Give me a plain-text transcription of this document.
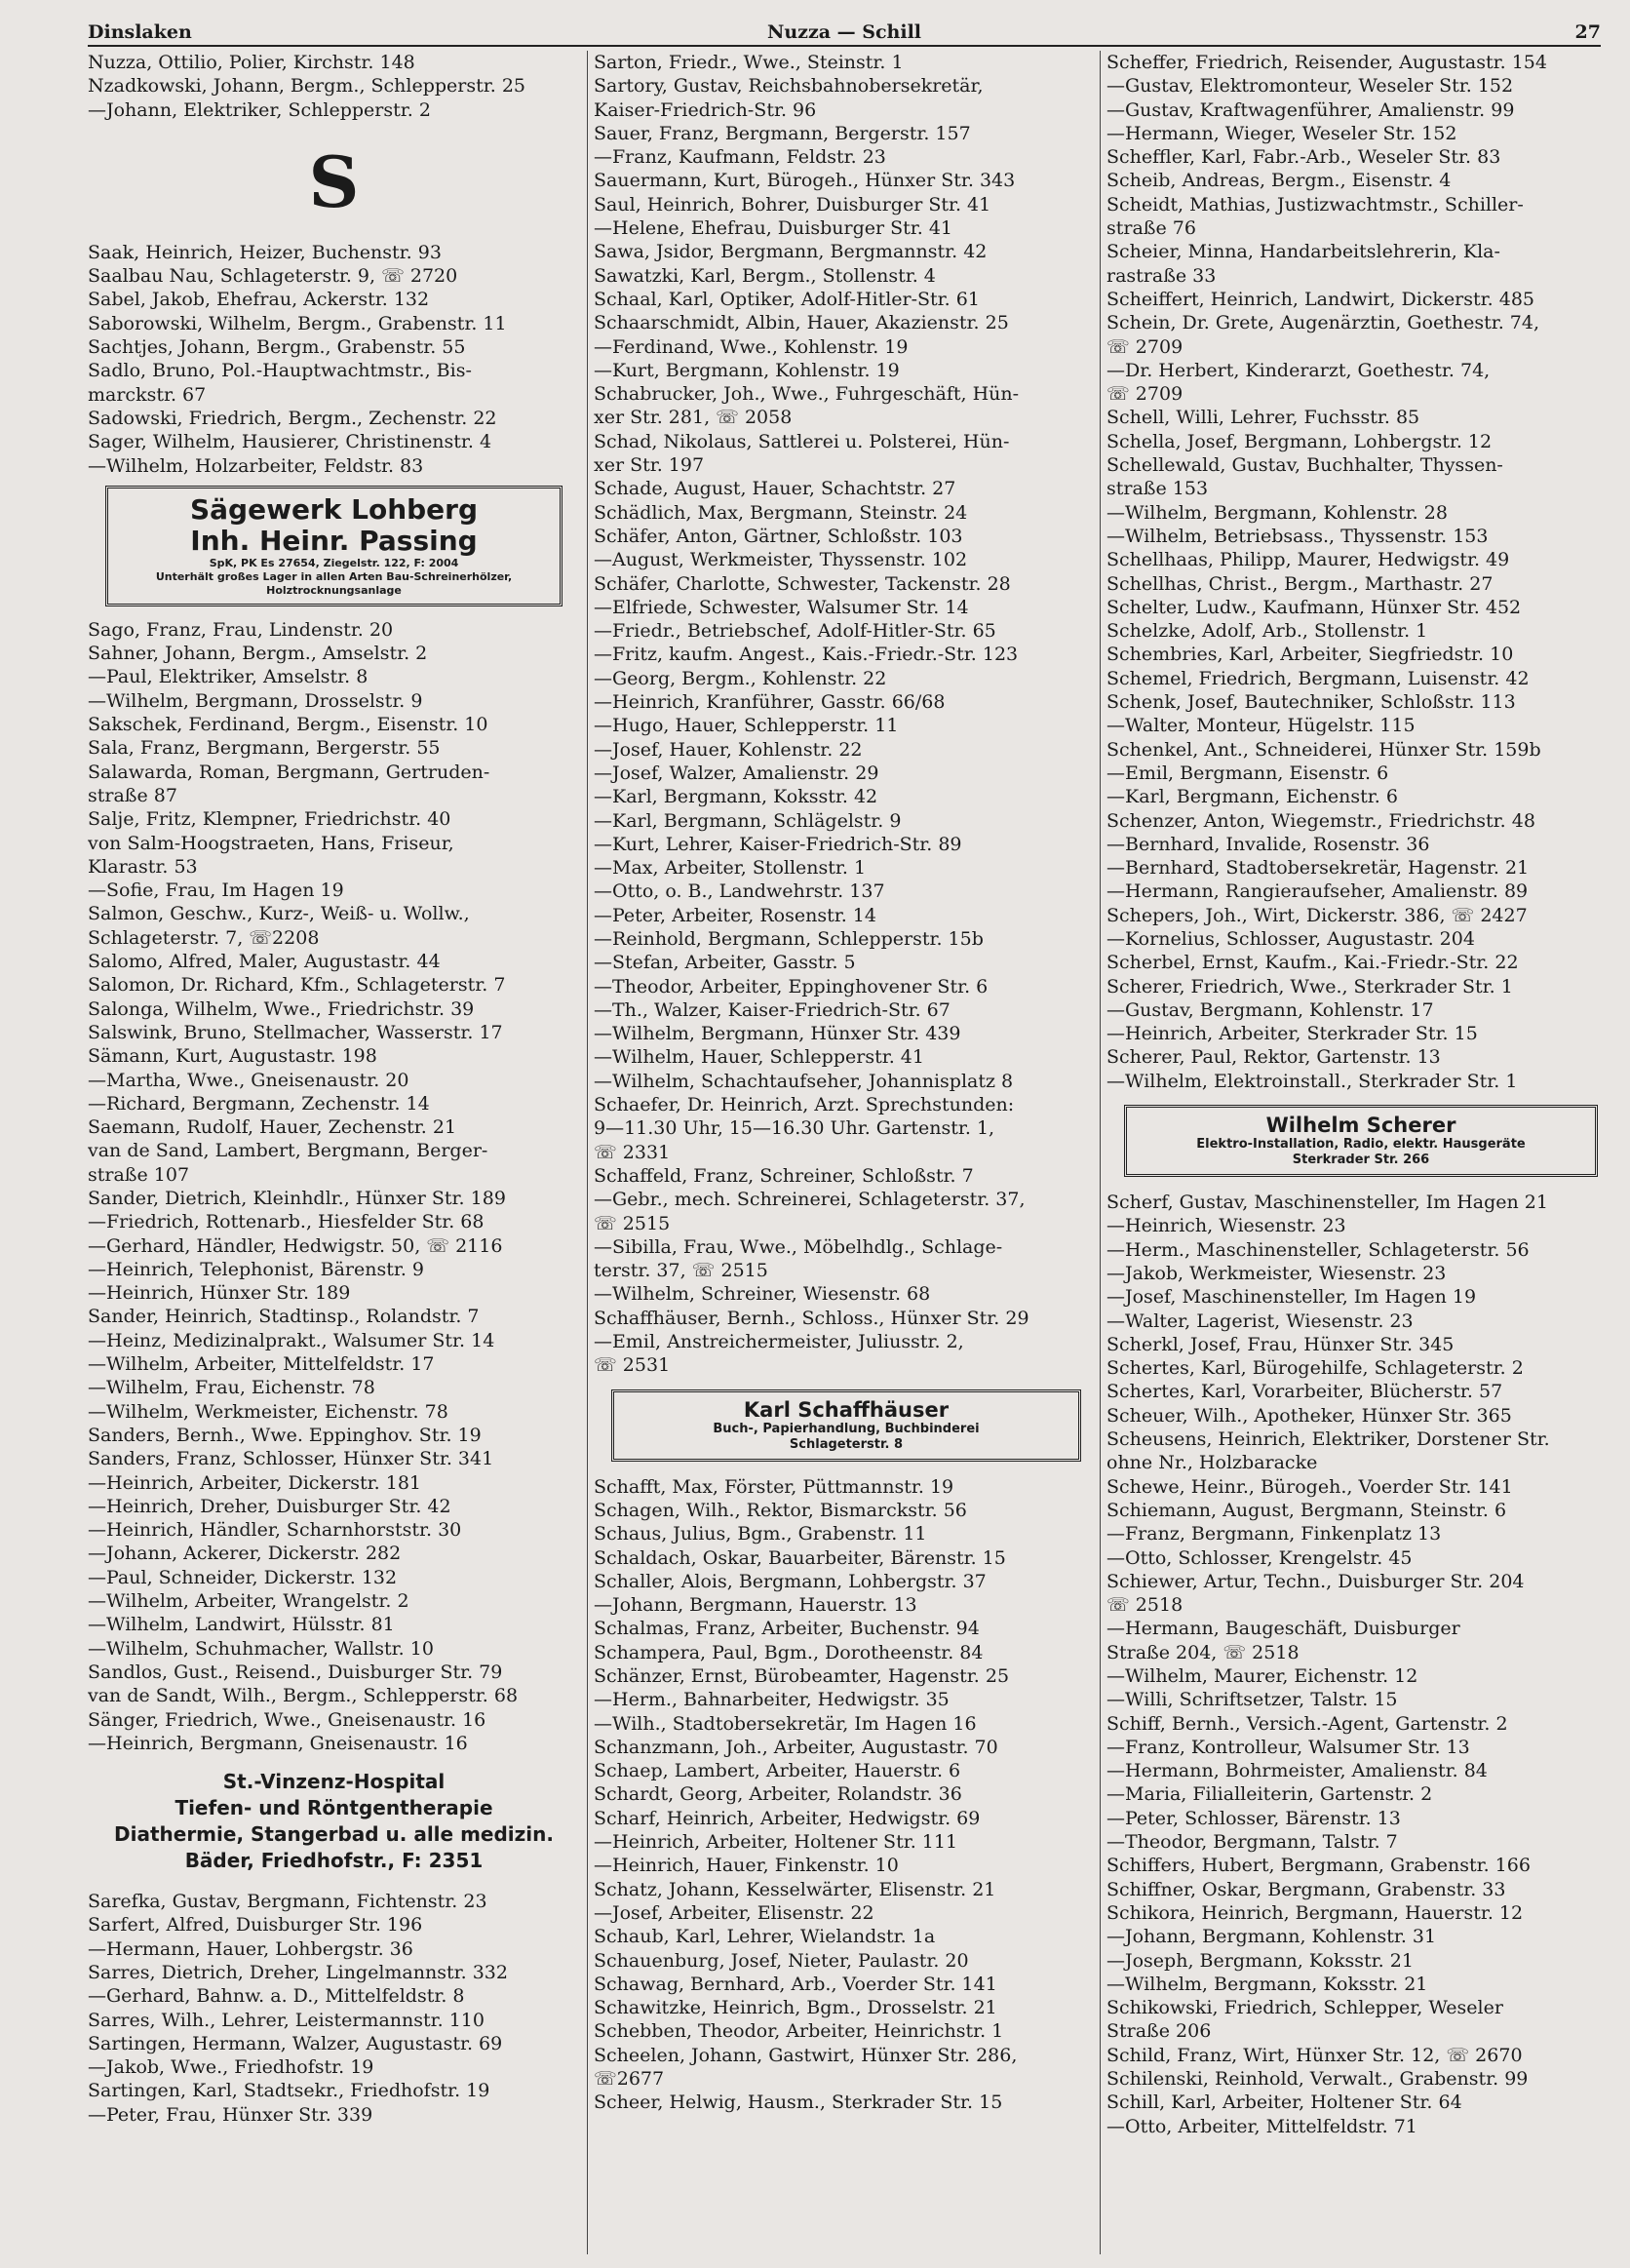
Dinslaken	Nuzza — Schill	27
Nuzza, Ottilio, Polier, Kirchstr. 148
Nzadkowski, Johann, Bergm., Schlepperstr. 25
—Johann, Elektriker, Schlepperstr. 2
S
Saak, Heinrich, Heizer, Buchenstr. 93
Saalbau Nau, Schlageterstr. 9, ☏ 2720
Sabel, Jakob, Ehefrau, Ackerstr. 132
Saborowski, Wilhelm, Bergm., Grabenstr. 11
Sachtjes, Johann, Bergm., Grabenstr. 55
Sadlo, Bruno, Pol.-Hauptwachtmstr., Bis-
marckstr. 67
Sadowski, Friedrich, Bergm., Zechenstr. 22
Sager, Wilhelm, Hausierer, Christinenstr. 4
—Wilhelm, Holzarbeiter, Feldstr. 83
Sägewerk Lohberg
Inh. Heinr. Passing
SpK, PK Es 27654, Ziegelstr. 122, F: 2004
Unterhält großes Lager in allen Arten Bau-Schreinerhölzer,
Holztrocknungsanlage
Sago, Franz, Frau, Lindenstr. 20
Sahner, Johann, Bergm., Amselstr. 2
—Paul, Elektriker, Amselstr. 8
—Wilhelm, Bergmann, Drosselstr. 9
Sakschek, Ferdinand, Bergm., Eisenstr. 10
Sala, Franz, Bergmann, Bergerstr. 55
Salawarda, Roman, Bergmann, Gertruden-
straße 87
Salje, Fritz, Klempner, Friedrichstr. 40
von Salm-Hoogstraeten, Hans, Friseur,
Klarastr. 53
—Sofie, Frau, Im Hagen 19
Salmon, Geschw., Kurz-, Weiß- u. Wollw.,
Schlageterstr. 7, ☏2208
Salomo, Alfred, Maler, Augustastr. 44
Salomon, Dr. Richard, Kfm., Schlageterstr. 7
Salonga, Wilhelm, Wwe., Friedrichstr. 39
Salswink, Bruno, Stellmacher, Wasserstr. 17
Sämann, Kurt, Augustastr. 198
—Martha, Wwe., Gneisenaustr. 20
—Richard, Bergmann, Zechenstr. 14
Saemann, Rudolf, Hauer, Zechenstr. 21
van de Sand, Lambert, Bergmann, Berger-
straße 107
Sander, Dietrich, Kleinhdlr., Hünxer Str. 189
—Friedrich, Rottenarb., Hiesfelder Str. 68
—Gerhard, Händler, Hedwigstr. 50, ☏ 2116
—Heinrich, Telephonist, Bärenstr. 9
—Heinrich, Hünxer Str. 189
Sander, Heinrich, Stadtinsp., Rolandstr. 7
—Heinz, Medizinalprakt., Walsumer Str. 14
—Wilhelm, Arbeiter, Mittelfeldstr. 17
—Wilhelm, Frau, Eichenstr. 78
—Wilhelm, Werkmeister, Eichenstr. 78
Sanders, Bernh., Wwe. Eppinghov. Str. 19
Sanders, Franz, Schlosser, Hünxer Str. 341
—Heinrich, Arbeiter, Dickerstr. 181
—Heinrich, Dreher, Duisburger Str. 42
—Heinrich, Händler, Scharnhorststr. 30
—Johann, Ackerer, Dickerstr. 282
—Paul, Schneider, Dickerstr. 132
—Wilhelm, Arbeiter, Wrangelstr. 2
—Wilhelm, Landwirt, Hülsstr. 81
—Wilhelm, Schuhmacher, Wallstr. 10
Sandlos, Gust., Reisend., Duisburger Str. 79
van de Sandt, Wilh., Bergm., Schlepperstr. 68
Sänger, Friedrich, Wwe., Gneisenaustr. 16
—Heinrich, Bergmann, Gneisenaustr. 16
St.-Vinzenz-Hospital
Tiefen- und Röntgentherapie
Diathermie, Stangerbad u. alle medizin.
Bäder, Friedhofstr., F: 2351
Sarefka, Gustav, Bergmann, Fichtenstr. 23
Sarfert, Alfred, Duisburger Str. 196
—Hermann, Hauer, Lohbergstr. 36
Sarres, Dietrich, Dreher, Lingelmannstr. 332
—Gerhard, Bahnw. a. D., Mittelfeldstr. 8
Sarres, Wilh., Lehrer, Leistermannstr. 110
Sartingen, Hermann, Walzer, Augustastr. 69
—Jakob, Wwe., Friedhofstr. 19
Sartingen, Karl, Stadtsekr., Friedhofstr. 19
—Peter, Frau, Hünxer Str. 339
Sarton, Friedr., Wwe., Steinstr. 1
Sartory, Gustav, Reichsbahnobersekretär,
Kaiser-Friedrich-Str. 96
Sauer, Franz, Bergmann, Bergerstr. 157
—Franz, Kaufmann, Feldstr. 23
Sauermann, Kurt, Bürogeh., Hünxer Str. 343
Saul, Heinrich, Bohrer, Duisburger Str. 41
—Helene, Ehefrau, Duisburger Str. 41
Sawa, Jsidor, Bergmann, Bergmannstr. 42
Sawatzki, Karl, Bergm., Stollenstr. 4
Schaal, Karl, Optiker, Adolf-Hitler-Str. 61
Schaarschmidt, Albin, Hauer, Akazienstr. 25
—Ferdinand, Wwe., Kohlenstr. 19
—Kurt, Bergmann, Kohlenstr. 19
Schabrucker, Joh., Wwe., Fuhrgeschäft, Hün-
xer Str. 281, ☏ 2058
Schad, Nikolaus, Sattlerei u. Polsterei, Hün-
xer Str. 197
Schade, August, Hauer, Schachtstr. 27
Schädlich, Max, Bergmann, Steinstr. 24
Schäfer, Anton, Gärtner, Schloßstr. 103
—August, Werkmeister, Thyssenstr. 102
Schäfer, Charlotte, Schwester, Tackenstr. 28
—Elfriede, Schwester, Walsumer Str. 14
—Friedr., Betriebschef, Adolf-Hitler-Str. 65
—Fritz, kaufm. Angest., Kais.-Friedr.-Str. 123
—Georg, Bergm., Kohlenstr. 22
—Heinrich, Kranführer, Gasstr. 66/68
—Hugo, Hauer, Schlepperstr. 11
—Josef, Hauer, Kohlenstr. 22
—Josef, Walzer, Amalienstr. 29
—Karl, Bergmann, Koksstr. 42
—Karl, Bergmann, Schlägelstr. 9
—Kurt, Lehrer, Kaiser-Friedrich-Str. 89
—Max, Arbeiter, Stollenstr. 1
—Otto, o. B., Landwehrstr. 137
—Peter, Arbeiter, Rosenstr. 14
—Reinhold, Bergmann, Schlepperstr. 15b
—Stefan, Arbeiter, Gasstr. 5
—Theodor, Arbeiter, Eppinghovener Str. 6
—Th., Walzer, Kaiser-Friedrich-Str. 67
—Wilhelm, Bergmann, Hünxer Str. 439
—Wilhelm, Hauer, Schlepperstr. 41
—Wilhelm, Schachtaufseher, Johannisplatz 8
Schaefer, Dr. Heinrich, Arzt. Sprechstunden:
9—11.30 Uhr, 15—16.30 Uhr. Gartenstr. 1,
☏ 2331
Schaffeld, Franz, Schreiner, Schloßstr. 7
—Gebr., mech. Schreinerei, Schlageterstr. 37,
☏ 2515
—Sibilla, Frau, Wwe., Möbelhdlg., Schlage-
terstr. 37, ☏ 2515
—Wilhelm, Schreiner, Wiesenstr. 68
Schaffhäuser, Bernh., Schloss., Hünxer Str. 29
—Emil, Anstreichermeister, Juliusstr. 2,
☏ 2531
Karl Schaffhäuser
Buch-, Papierhandlung, Buchbinderei
Schlageterstr. 8
Schafft, Max, Förster, Püttmannstr. 19
Schagen, Wilh., Rektor, Bismarckstr. 56
Schaus, Julius, Bgm., Grabenstr. 11
Schaldach, Oskar, Bauarbeiter, Bärenstr. 15
Schaller, Alois, Bergmann, Lohbergstr. 37
—Johann, Bergmann, Hauerstr. 13
Schalmas, Franz, Arbeiter, Buchenstr. 94
Schampera, Paul, Bgm., Dorotheenstr. 84
Schänzer, Ernst, Bürobeamter, Hagenstr. 25
—Herm., Bahnarbeiter, Hedwigstr. 35
—Wilh., Stadtobersekretär, Im Hagen 16
Schanzmann, Joh., Arbeiter, Augustastr. 70
Schaep, Lambert, Arbeiter, Hauerstr. 6
Schardt, Georg, Arbeiter, Rolandstr. 36
Scharf, Heinrich, Arbeiter, Hedwigstr. 69
—Heinrich, Arbeiter, Holtener Str. 111
—Heinrich, Hauer, Finkenstr. 10
Schatz, Johann, Kesselwärter, Elisenstr. 21
—Josef, Arbeiter, Elisenstr. 22
Schaub, Karl, Lehrer, Wielandstr. 1a
Schauenburg, Josef, Nieter, Paulastr. 20
Schawag, Bernhard, Arb., Voerder Str. 141
Schawitzke, Heinrich, Bgm., Drosselstr. 21
Schebben, Theodor, Arbeiter, Heinrichstr. 1
Scheelen, Johann, Gastwirt, Hünxer Str. 286,
☏2677
Scheer, Helwig, Hausm., Sterkrader Str. 15
Scheffer, Friedrich, Reisender, Augustastr. 154
—Gustav, Elektromonteur, Weseler Str. 152
—Gustav, Kraftwagenführer, Amalienstr. 99
—Hermann, Wieger, Weseler Str. 152
Scheffler, Karl, Fabr.-Arb., Weseler Str. 83
Scheib, Andreas, Bergm., Eisenstr. 4
Scheidt, Mathias, Justizwachtmstr., Schiller-
straße 76
Scheier, Minna, Handarbeitslehrerin, Kla-
rastraße 33
Scheiffert, Heinrich, Landwirt, Dickerstr. 485
Schein, Dr. Grete, Augenärztin, Goethestr. 74,
☏ 2709
—Dr. Herbert, Kinderarzt, Goethestr. 74,
☏ 2709
Schell, Willi, Lehrer, Fuchsstr. 85
Schella, Josef, Bergmann, Lohbergstr. 12
Schellewald, Gustav, Buchhalter, Thyssen-
straße 153
—Wilhelm, Bergmann, Kohlenstr. 28
—Wilhelm, Betriebsass., Thyssenstr. 153
Schellhaas, Philipp, Maurer, Hedwigstr. 49
Schellhas, Christ., Bergm., Marthastr. 27
Schelter, Ludw., Kaufmann, Hünxer Str. 452
Schelzke, Adolf, Arb., Stollenstr. 1
Schembries, Karl, Arbeiter, Siegfriedstr. 10
Schemel, Friedrich, Bergmann, Luisenstr. 42
Schenk, Josef, Bautechniker, Schloßstr. 113
—Walter, Monteur, Hügelstr. 115
Schenkel, Ant., Schneiderei, Hünxer Str. 159b
—Emil, Bergmann, Eisenstr. 6
—Karl, Bergmann, Eichenstr. 6
Schenzer, Anton, Wiegemstr., Friedrichstr. 48
—Bernhard, Invalide, Rosenstr. 36
—Bernhard, Stadtobersekretär, Hagenstr. 21
—Hermann, Rangieraufseher, Amalienstr. 89
Schepers, Joh., Wirt, Dickerstr. 386, ☏ 2427
—Kornelius, Schlosser, Augustastr. 204
Scherbel, Ernst, Kaufm., Kai.-Friedr.-Str. 22
Scherer, Friedrich, Wwe., Sterkrader Str. 1
—Gustav, Bergmann, Kohlenstr. 17
—Heinrich, Arbeiter, Sterkrader Str. 15
Scherer, Paul, Rektor, Gartenstr. 13
—Wilhelm, Elektroinstall., Sterkrader Str. 1
Wilhelm Scherer
Elektro-Installation, Radio, elektr. Hausgeräte
Sterkrader Str. 266
Scherf, Gustav, Maschinensteller, Im Hagen 21
—Heinrich, Wiesenstr. 23
—Herm., Maschinensteller, Schlageterstr. 56
—Jakob, Werkmeister, Wiesenstr. 23
—Josef, Maschinensteller, Im Hagen 19
—Walter, Lagerist, Wiesenstr. 23
Scherkl, Josef, Frau, Hünxer Str. 345
Schertes, Karl, Bürogehilfe, Schlageterstr. 2
Schertes, Karl, Vorarbeiter, Blücherstr. 57
Scheuer, Wilh., Apotheker, Hünxer Str. 365
Scheusens, Heinrich, Elektriker, Dorstener Str.
ohne Nr., Holzbaracke
Schewe, Heinr., Bürogeh., Voerder Str. 141
Schiemann, August, Bergmann, Steinstr. 6
—Franz, Bergmann, Finkenplatz 13
—Otto, Schlosser, Krengelstr. 45
Schiewer, Artur, Techn., Duisburger Str. 204
☏ 2518
—Hermann, Baugeschäft, Duisburger
Straße 204, ☏ 2518
—Wilhelm, Maurer, Eichenstr. 12
—Willi, Schriftsetzer, Talstr. 15
Schiff, Bernh., Versich.-Agent, Gartenstr. 2
—Franz, Kontrolleur, Walsumer Str. 13
—Hermann, Bohrmeister, Amalienstr. 84
—Maria, Filialleiterin, Gartenstr. 2
—Peter, Schlosser, Bärenstr. 13
—Theodor, Bergmann, Talstr. 7
Schiffers, Hubert, Bergmann, Grabenstr. 166
Schiffner, Oskar, Bergmann, Grabenstr. 33
Schikora, Heinrich, Bergmann, Hauerstr. 12
—Johann, Bergmann, Kohlenstr. 31
—Joseph, Bergmann, Koksstr. 21
—Wilhelm, Bergmann, Koksstr. 21
Schikowski, Friedrich, Schlepper, Weseler
Straße 206
Schild, Franz, Wirt, Hünxer Str. 12, ☏ 2670
Schilenski, Reinhold, Verwalt., Grabenstr. 99
Schill, Karl, Arbeiter, Holtener Str. 64
—Otto, Arbeiter, Mittelfeldstr. 71
